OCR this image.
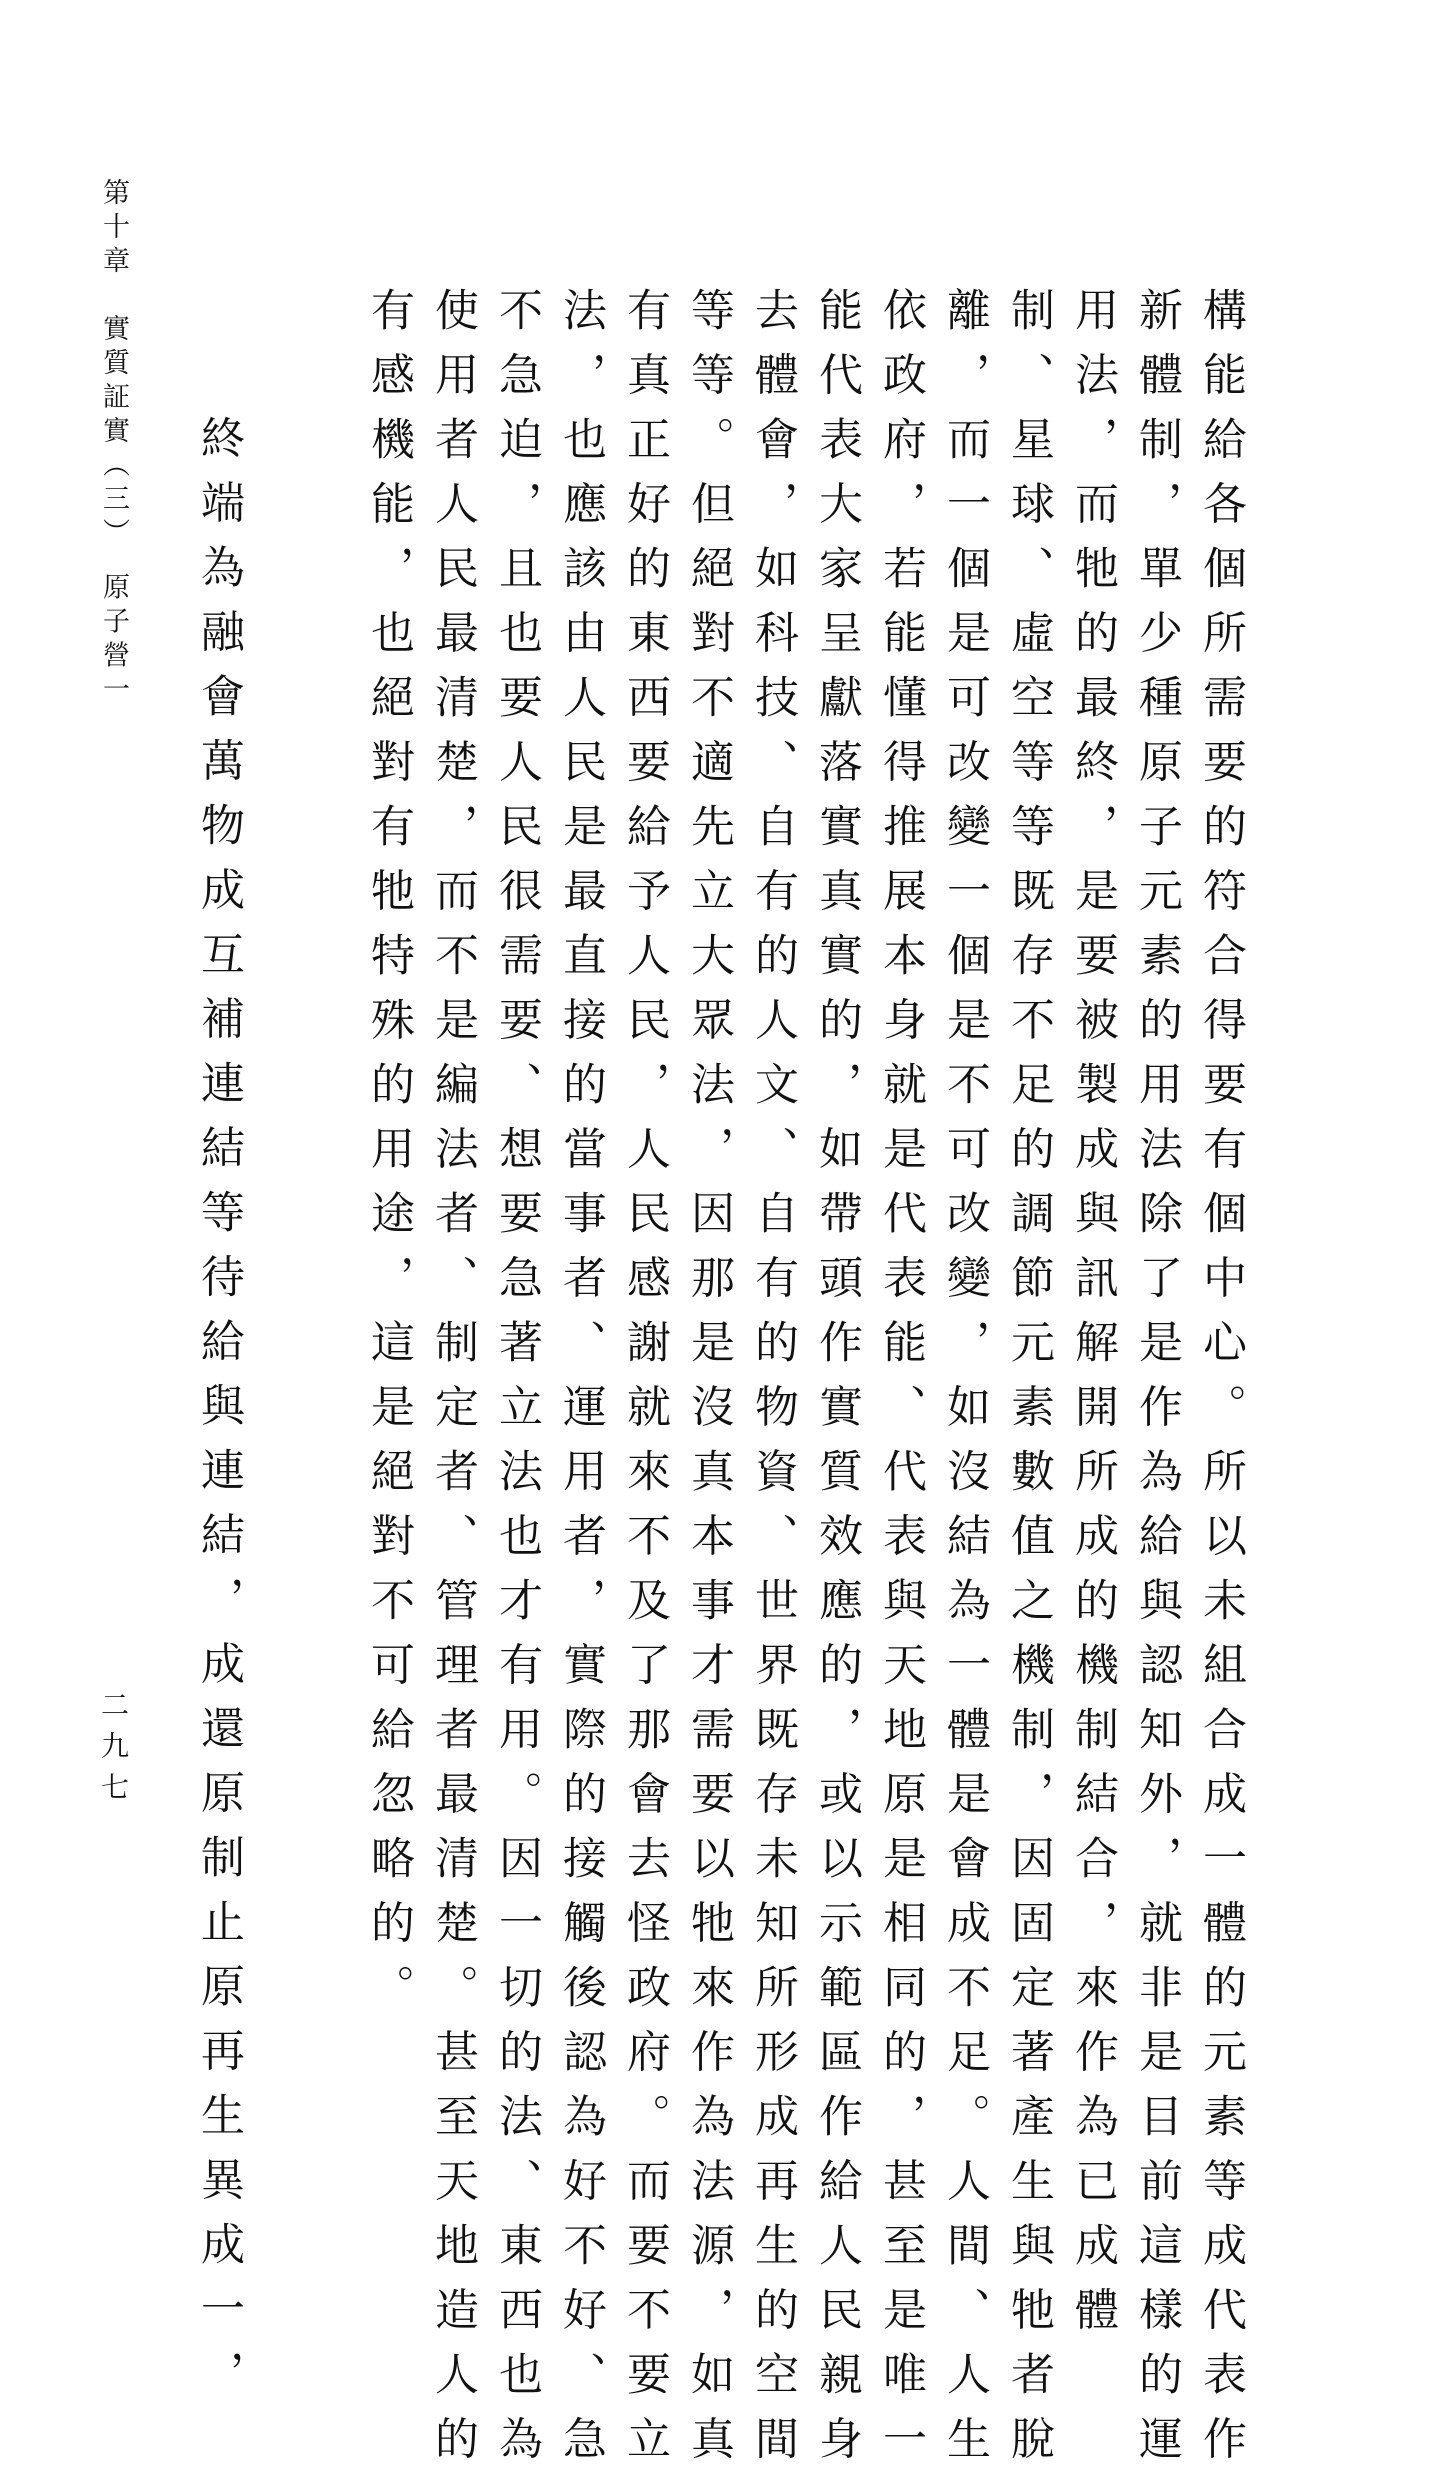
第十章　實質証實（三）　原子營一
二九七	構能給各個所需要的符合得要有個中心。所以未組合成一體的元素等成代表作

新體制，單少種原子元素的用法除了是作為給與認知外，就非是目前這樣的運

用法，而牠的最終，是要被製成與訊解開所成的機制結合，來作為已成體

制、星球、虛空等等既存不足的調節元素數值之機制，因固定著產生與牠者脫

離，而一個是可改變一個是不可改變，如沒結為一體是會成不足。人間、人生

依政府，若能懂得推展本身就是代表能、代表與天地原是相同的，甚至是唯一

能代表大家呈獻落實真實的，如帶頭作實質效應的，或以示範區作給人民親身

去體會，如科技、自有的人文、自有的物資、世界既存未知所形成再生的空間

等等。但絕對不適先立大眾法，因那是沒真本事才需要以牠來作為法源，如真

有真正好的東西要給予人民，人民感謝就來不及了那會去怪政府。而要不要立

法，也應該由人民是最直接的當事者、運用者，實際的接觸後認為好不好、急

不急迫，且也要人民很需要、想要急著立法也才有用。因一切的法、東西也為

使用者人民最清楚，而不是編法者、制定者、管理者最清楚。甚至天地造人的

有感機能，也絕對有牠特殊的用途，這是絕對不可給忽略的。

終端為融會萬物成互補連結等待給與連結，成還原制止原再生異成一，
